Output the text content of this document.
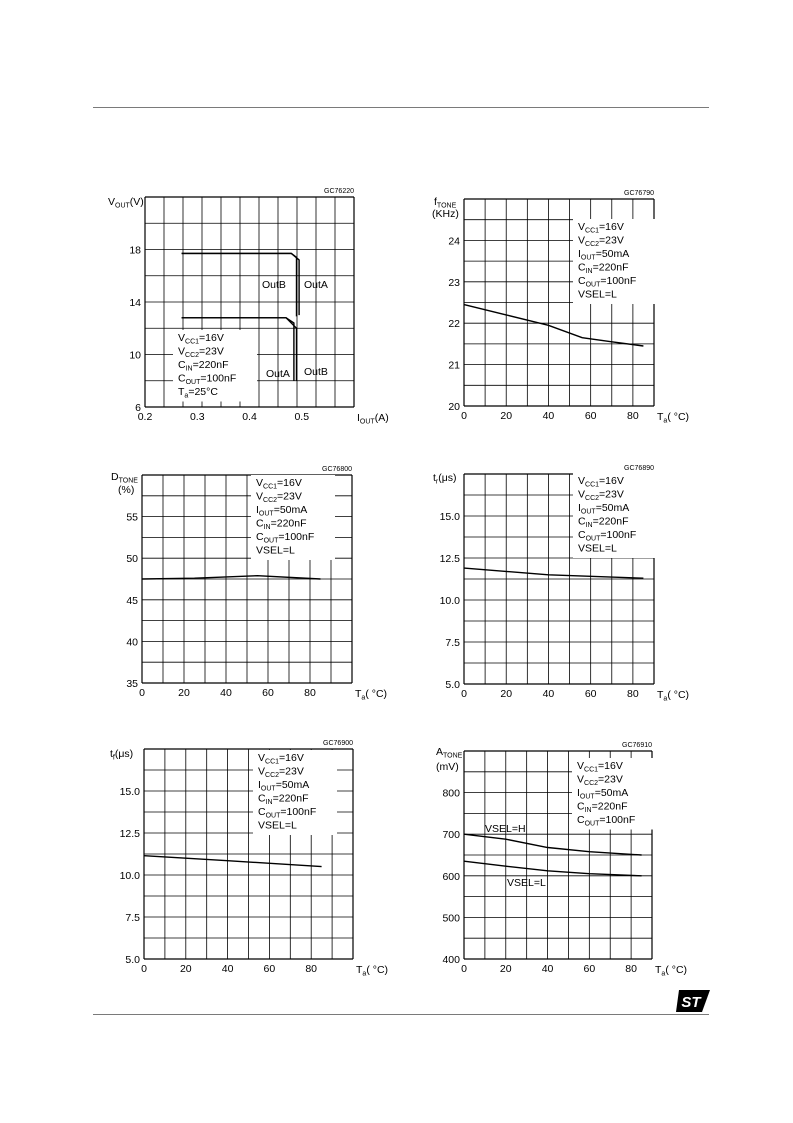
GC76220
$V_{CC1}=16V$
$V_{CC2}=23V$
$C_{IN}=220nF$
$C_{OUT}=100nF$
$T_a=25^\circ C$
6
10
14
18
0.2	0.3	0.4	0.5
$V_{OUT}(V)$
$I_{OUT}(A)$
OutB OutA
OutA OutB
GC76790
$V_{CC1}=16V$
$V_{CC2}=23V$
$I_{OUT}=50mA$
$C_{IN}=220nF$
$C_{OUT}=100nF$
VSEL=L
20
21
22
23
24
0	20	40	60	80
$f_{TONE}$
(KHz)
$T_a$( °C)
GC76800
$V_{CC1}=16V$
$V_{CC2}=23V$
$I_{OUT}=50mA$
$C_{IN}=220nF$
$C_{OUT}=100nF$
VSEL=L
35
40
45
50
55
0	20	40	60	80
$D_{TONE}$
(%)
$T_a$( °C)
GC76890
$V_{CC1}=16V$
$V_{CC2}=23V$
$I_{OUT}=50mA$
$C_{IN}=220nF$
$C_{OUT}=100nF$
VSEL=L
5.0
7.5
10.0
12.5
15.0
0	20	40	60	80
$t_r(\mu s)$
$T_a$( °C)
GC76900
$V_{CC1}=16V$
$V_{CC2}=23V$
$I_{OUT}=50mA$
$C_{IN}=220nF$
$C_{OUT}=100nF$
VSEL=L
5.0
7.5
10.0
12.5
15.0
0	20	40	60	80
$t_f(\mu s)$
$T_a$( °C)
GC76910
$V_{CC1}=16V$
$V_{CC2}=23V$
$I_{OUT}=50mA$
$C_{IN}=220nF$
$C_{OUT}=100nF$
400
500
600
700
800
0	20	40	60	80
$A_{TONE}$
(mV)
$T_a$( °C)
VSEL=H
VSEL=L
ST
